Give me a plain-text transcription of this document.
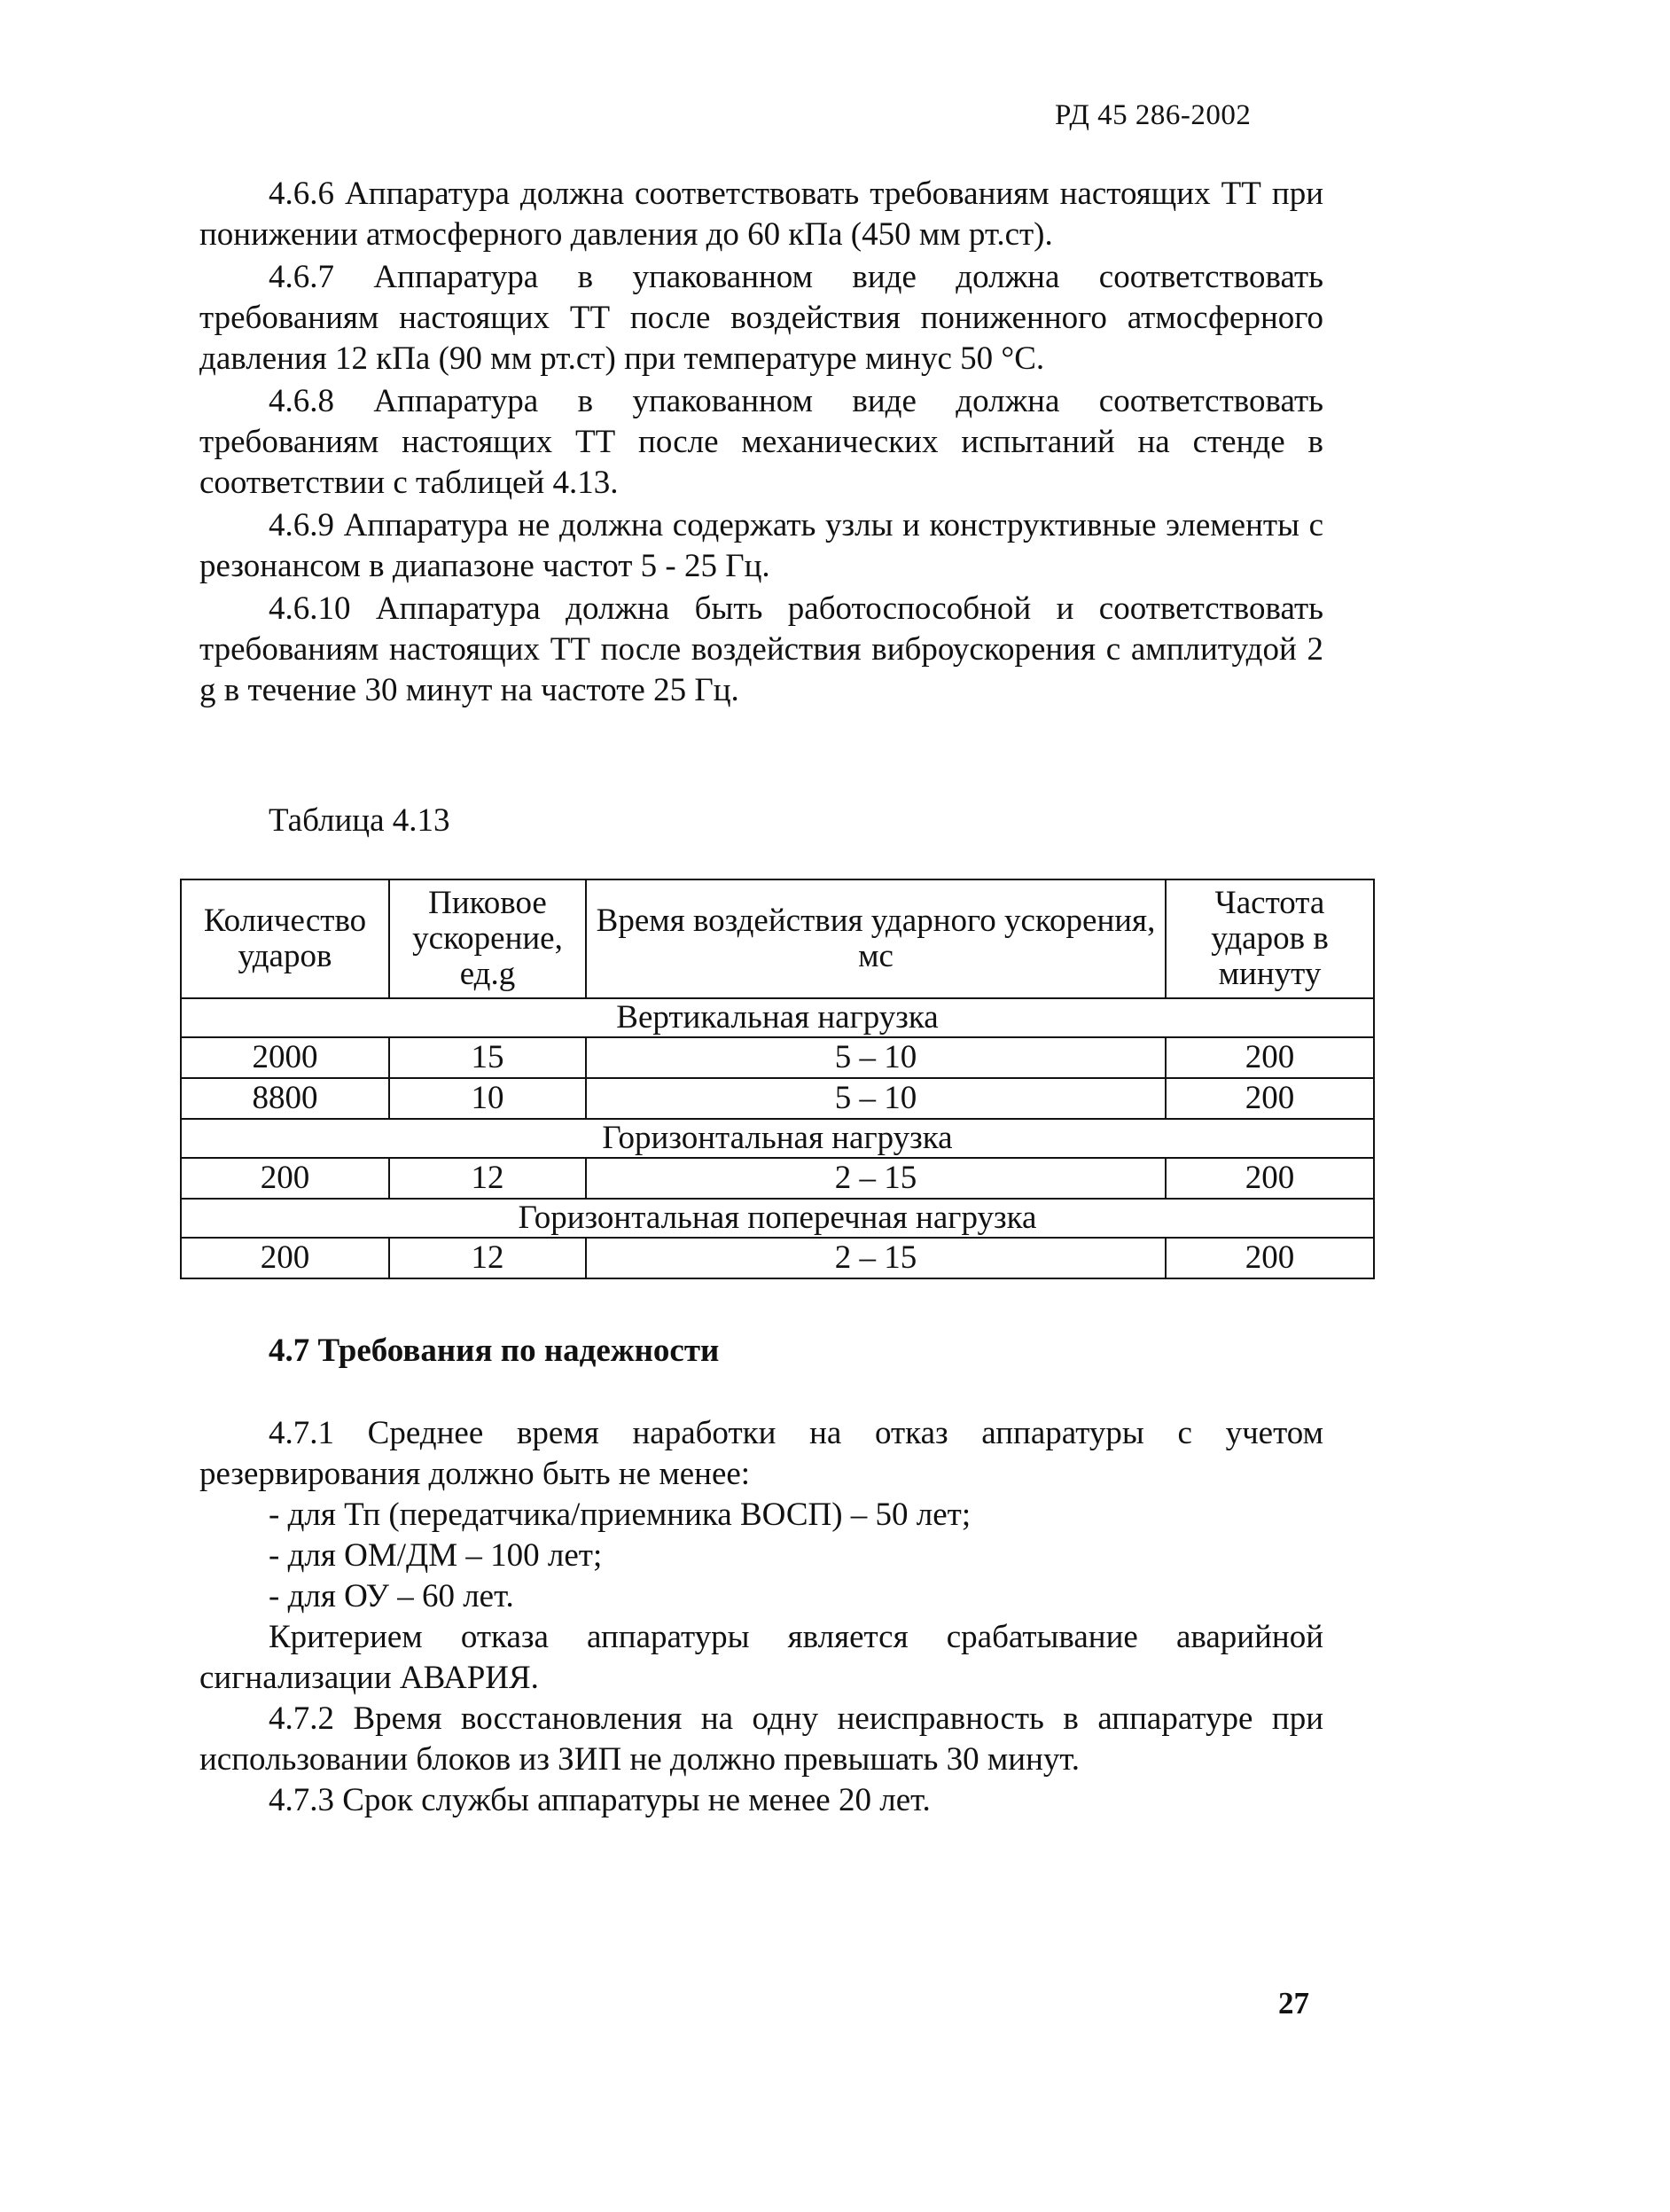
РД 45 286-2002

4.6.6 Аппаратура должна соответствовать требованиям настоящих ТТ при понижении атмосферного давления до 60 кПа (450 мм рт.ст).

4.6.7 Аппаратура в упакованном виде должна соответствовать требованиям настоящих ТТ после воздействия пониженного атмосферного давления 12 кПа (90 мм рт.ст) при температуре минус 50 °С.

4.6.8 Аппаратура в упакованном виде должна соответствовать требованиям настоящих ТТ после механических испытаний на стенде в соответствии с таблицей 4.13.

4.6.9 Аппаратура не должна содержать узлы и конструктивные элементы с резонансом в диапазоне частот 5 - 25 Гц.

4.6.10 Аппаратура должна быть работоспособной и соответствовать требованиям настоящих ТТ после воздействия виброускорения с амплитудой 2 g в течение 30 минут на частоте 25 Гц.

Таблица 4.13
Количество ударов	Пиковое ускорение, ед.g	Время воздействия ударного ускорения, мс	Частота ударов в минуту
Вертикальная нагрузка			
2000	15	5 – 10	200
8800	10	5 – 10	200
Горизонтальная нагрузка			
200	12	2 – 15	200
Горизонтальная поперечная нагрузка			
200	12	2 – 15	200
4.7 Требования по надежности

4.7.1 Среднее время наработки на отказ аппаратуры с учетом резервирования должно быть не менее:

- для Тп (передатчика/приемника ВОСП) – 50 лет;

- для ОМ/ДМ – 100 лет;

- для ОУ – 60 лет.

Критерием отказа аппаратуры является срабатывание аварийной сигнализации АВАРИЯ.

4.7.2 Время восстановления на одну неисправность в аппаратуре при использовании блоков из ЗИП не должно превышать 30 минут.

4.7.3 Срок службы аппаратуры не менее 20 лет.

27
